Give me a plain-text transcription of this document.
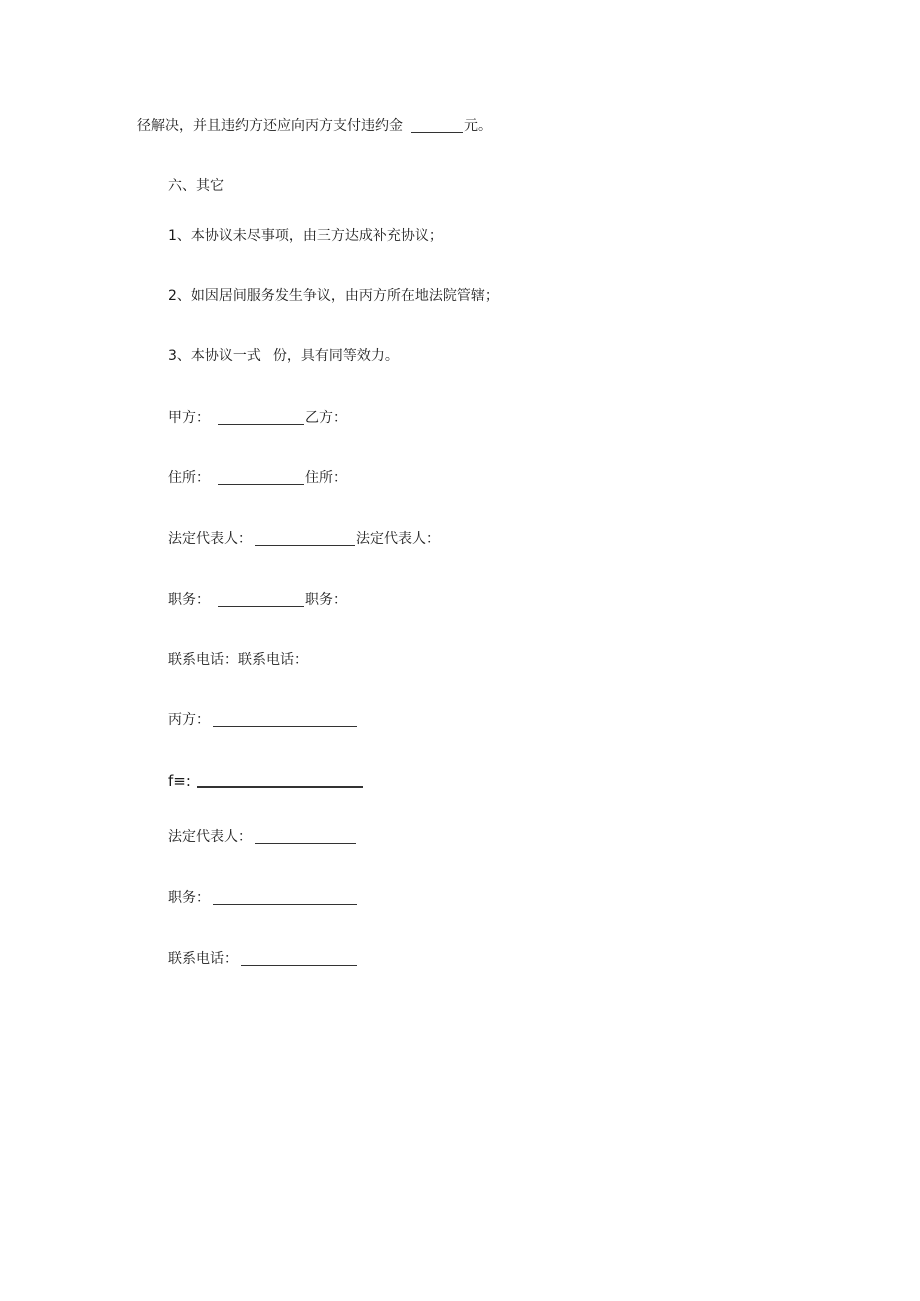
径解决，并且违约方还应向丙方支付违约金	元。
六、其它
1、本协议未尽事项，由三方达成补充协议；
2、如因居间服务发生争议，由丙方所在地法院管辖；
3、本协议一式 份，具有同等效力。
甲方：	乙方：
住所：	住所：
法定代表人：	法定代表人：
职务：	职务：
联系电话： 联系电话：
丙方：
f≡:
法定代表人：
职务：
联系电话：
